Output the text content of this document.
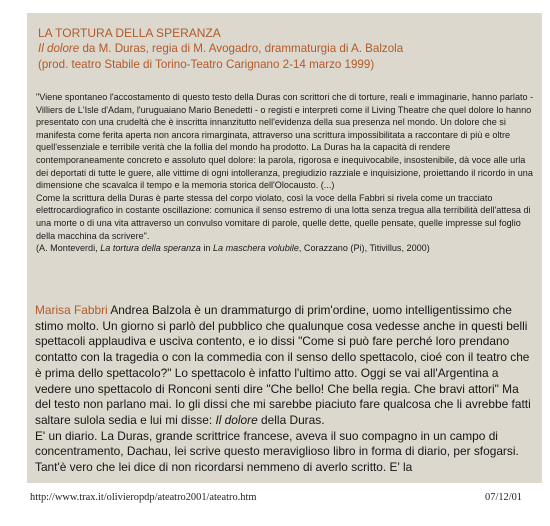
LA TORTURA DELLA SPERANZA
Il dolore da M. Duras, regia di M. Avogadro, drammaturgia di A. Balzola
(prod. teatro Stabile di Torino-Teatro Carignano 2-14 marzo 1999)

"Viene spontaneo l'accostamento di questo testo della Duras con scrittori che di torture, reali e immaginarie, hanno parlato - Villiers de L'Isle d'Adam, l'uruguaiano Mario Benedetti - o registi e interpreti come il Living Theatre che quel dolore lo hanno presentato con una crudeltà che è inscritta innanzitutto nell'evidenza della sua presenza nel mondo. Un dolore che si manifesta come ferita aperta non ancora rimarginata, attraverso una scrittura impossibilitata a raccontare di più e oltre quell'essenziale e terribile verità che la follia del mondo ha prodotto. La Duras ha la capacità di rendere contemporaneamente concreto e assoluto quel dolore: la parola, rigorosa e inequivocabile, insostenibile, dà voce alle urla dei deportati di tutte le guere, alle vittime di ogni intolleranza, pregiudizio razziale e inquisizione, proiettando il ricordo in una dimensione che scavalca il tempo e la memoria storica dell'Olocausto. (...)

Come la scrittura della Duras è parte stessa del corpo violato, così la voce della Fabbri si rivela come un tracciato elettrocardiografico in costante oscillazione: comunica il senso estremo di una lotta senza tregua alla terribilità dell'attesa di una morte o di una vita attraverso un convulso vomitare di parole, quelle dette, quelle pensate, quelle impresse sul foglio della macchina da scrivere".

(A. Monteverdi, La tortura della speranza in La maschera volubile, Corazzano (Pi), Titivillus, 2000)

Marisa Fabbri Andrea Balzola è un drammaturgo di prim'ordine, uomo intelligentissimo che stimo molto. Un giorno si parlò del pubblico che qualunque cosa vedesse anche in questi belli spettacoli applaudiva e usciva contento, e io dissi "Come si può fare perché loro prendano contatto con la tragedia o con la commedia con il senso dello spettacolo, cioé con il teatro che è prima dello spettacolo?" Lo spettacolo è infatto l'ultimo atto. Oggi se vai all'Argentina a vedere uno spettacolo di Ronconi senti dire "Che bello! Che bella regia. Che bravi attori" Ma del testo non parlano mai. Io gli dissi che mi sarebbe piaciuto fare qualcosa che li avrebbe fatti saltare sulola sedia e lui mi disse: Il dolore della Duras.

E' un diario. La Duras, grande scrittrice francese, aveva il suo compagno in un campo di concentramento, Dachau, lei scrive questo meraviglioso libro in forma di diario, per sfogarsi. Tant'è vero che lei dice di non ricordarsi nemmeno di averlo scritto. E' la

http://www.trax.it/olivieropdp/ateatro2001/ateatro.htm	07/12/01
